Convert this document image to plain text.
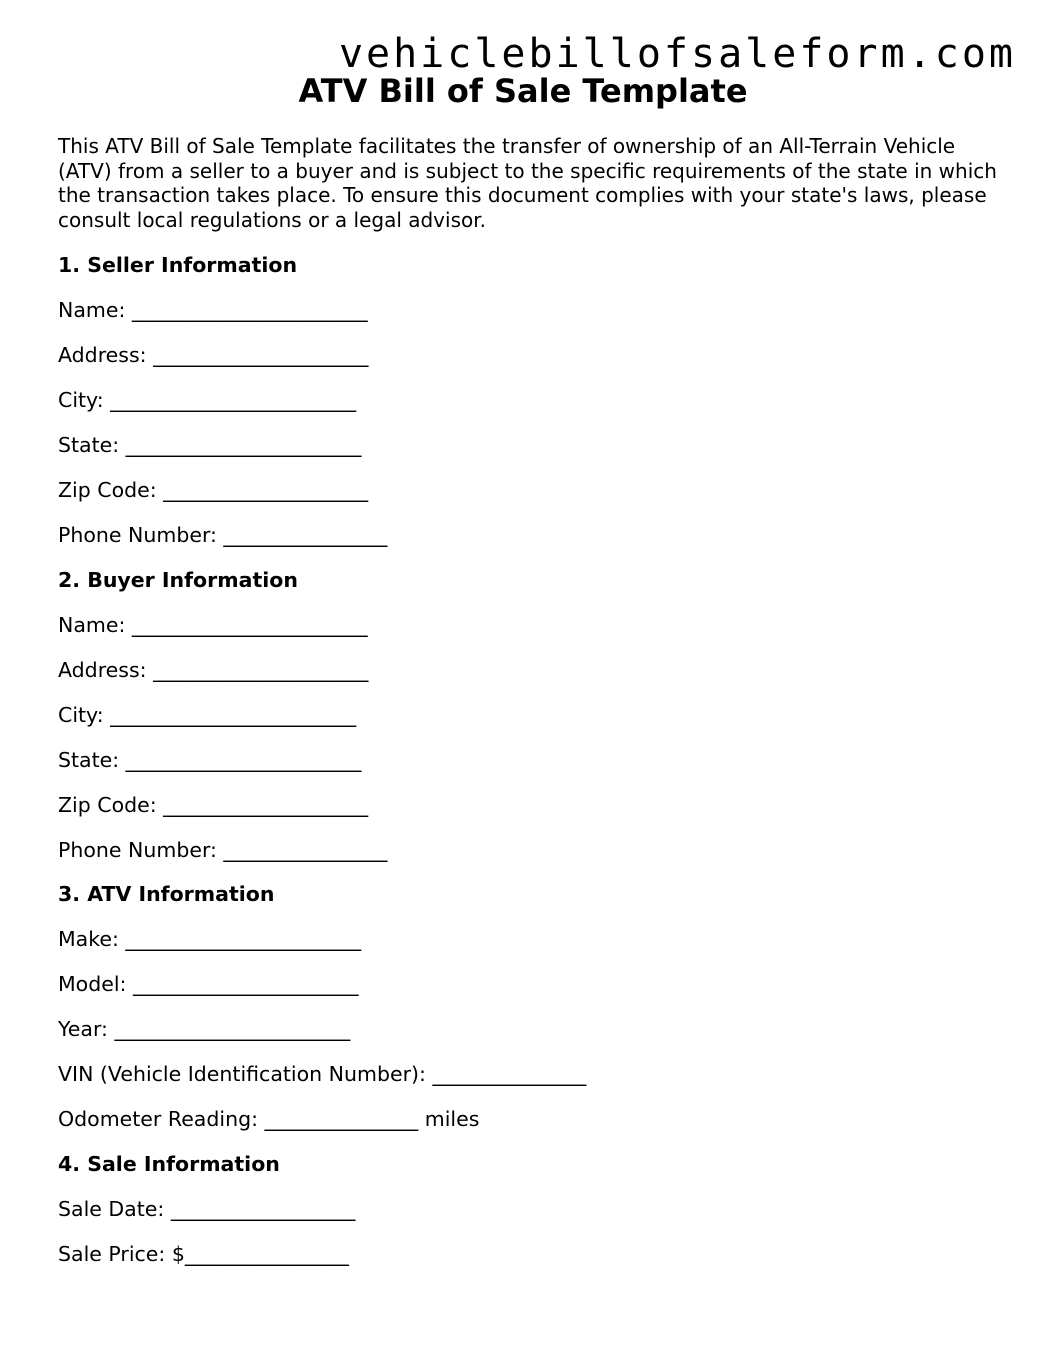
vehiclebillofsaleform.com
ATV Bill of Sale Template

This ATV Bill of Sale Template facilitates the transfer of ownership of an All-Terrain Vehicle (ATV) from a seller to a buyer and is subject to the specific requirements of the state in which the transaction takes place. To ensure this document complies with your state's laws, please consult local regulations or a legal advisor.

1. Seller Information
Name: _______________________
Address: _____________________
City: ________________________
State: _______________________
Zip Code: ____________________
Phone Number: ________________
2. Buyer Information
Name: _______________________
Address: _____________________
City: ________________________
State: _______________________
Zip Code: ____________________
Phone Number: ________________
3. ATV Information
Make: _______________________
Model: ______________________
Year: _______________________
VIN (Vehicle Identification Number): _______________
Odometer Reading: _______________ miles
4. Sale Information
Sale Date: __________________
Sale Price: $________________
